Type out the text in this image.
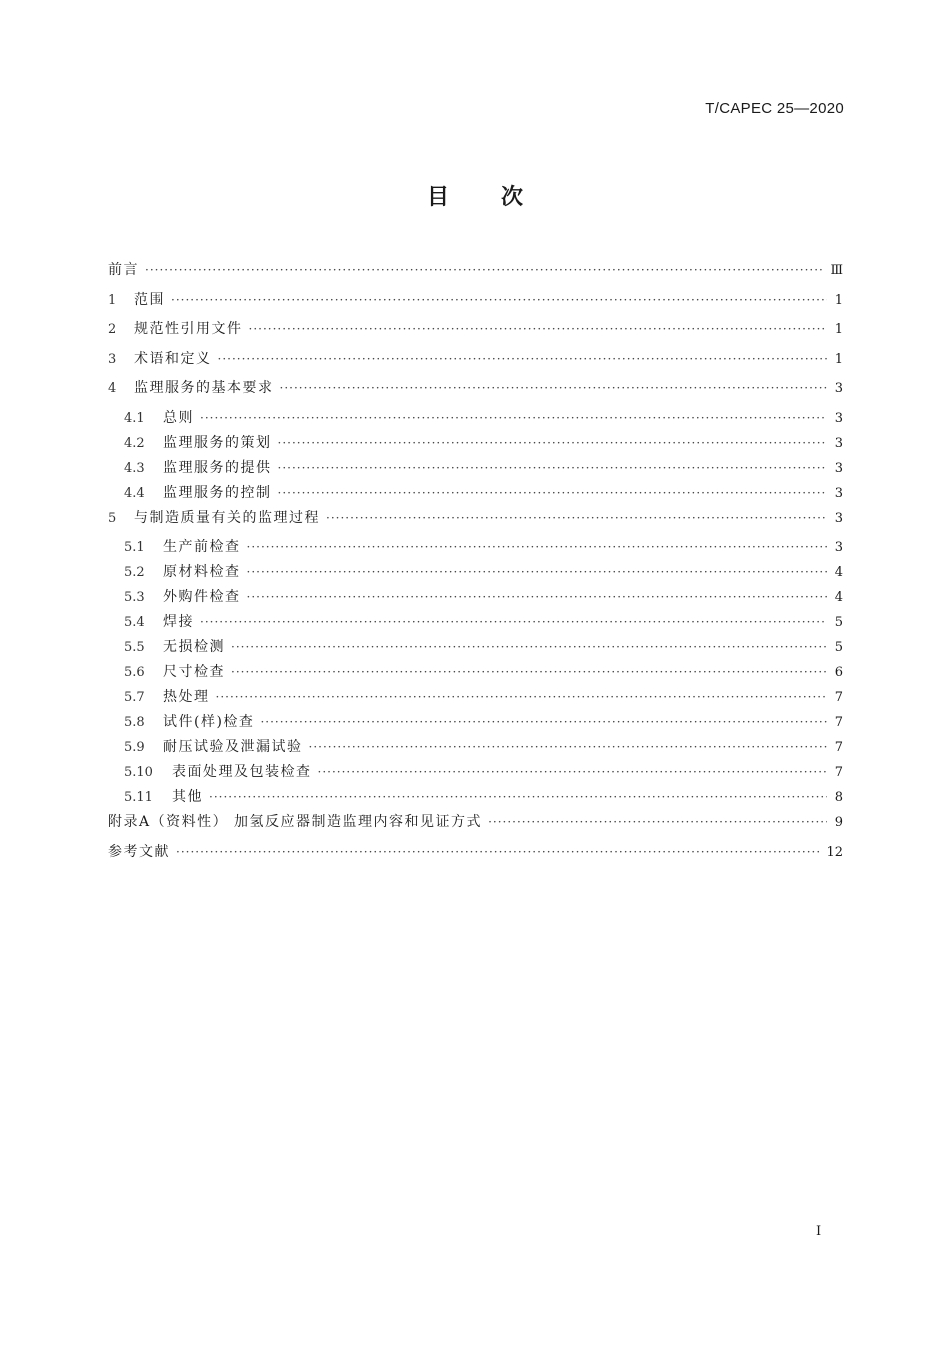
T/CAPEC 25—2020
目次
前言 ·····	Ⅲ
1	范围 ·····	1
2	规范性引用文件 ·····	1
3	术语和定义 ·····	1
4	监理服务的基本要求 ·····	3
4.1	总则 ·····	3
4.2	监理服务的策划 ·····	3
4.3	监理服务的提供 ·····	3
4.4	监理服务的控制 ·····	3
5	与制造质量有关的监理过程 ·····	3
5.1	生产前检查 ·····	3
5.2	原材料检查 ·····	4
5.3	外购件检查 ·····	4
5.4	焊接 ·····	5
5.5	无损检测 ·····	5
5.6	尺寸检查 ·····	6
5.7	热处理 ·····	7
5.8	试件(样)检查 ·····	7
5.9	耐压试验及泄漏试验 ·····	7
5.10	表面处理及包装检查 ·····	7
5.11	其他 ·····	8
附录A（资料性） 加氢反应器制造监理内容和见证方式 ·····	9
参考文献 ·····	12
Ⅰ
